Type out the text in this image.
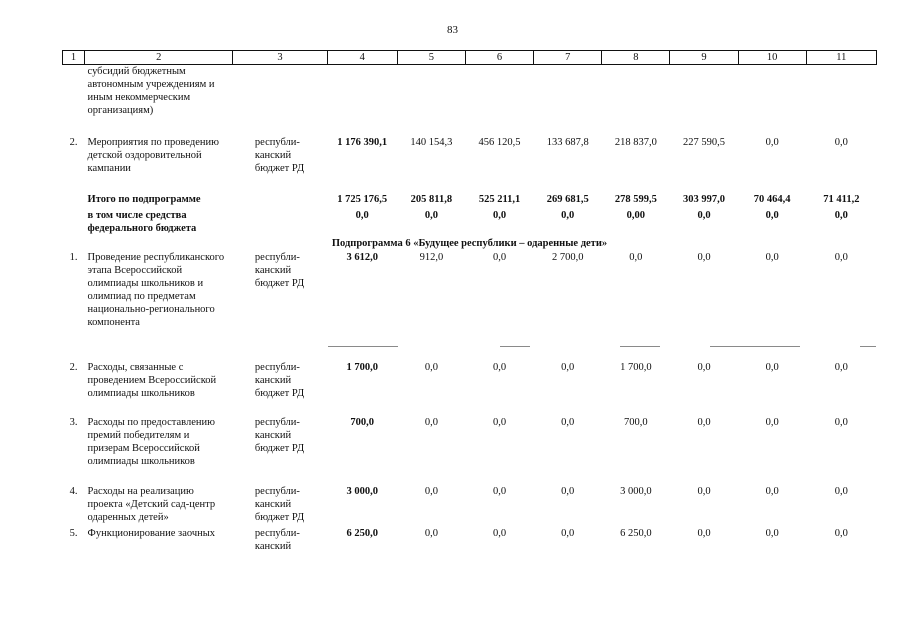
83
1	2	3	4	5	6	7	8	9	10	11
	субсидий бюджетным автономным учреждениям и иным некоммерческим организациям)									
2.	Мероприятия по проведению детской оздоровительной кампании	республи-канский бюджет РД	1 176 390,1	140 154,3	456 120,5	133 687,8	218 837,0	227 590,5	0,0	0,0
	Итого по подпрограмме		1 725 176,5	205 811,8	525 211,1	269 681,5	278 599,5	303 997,0	70 464,4	71 411,2
	в том числе средства федерального бюджета		0,0	0,0	0,0	0,0	0,00	0,0	0,0	0,0
Подпрограмма 6 «Будущее республики – одаренные дети»										
1.	Проведение республиканского этапа Всероссийской олимпиады школьников и олимпиад по предметам национально-регионального компонента	республи-канский бюджет РД	3 612,0	912,0	0,0	2 700,0	0,0	0,0	0,0	0,0
2.	Расходы, связанные с проведением Всероссийской олимпиады школьников	республи-канский бюджет РД	1 700,0	0,0	0,0	0,0	1 700,0	0,0	0,0	0,0
3.	Расходы по предоставлению премий победителям и призерам Всероссийской олимпиады школьников	республи-канский бюджет РД	700,0	0,0	0,0	0,0	700,0	0,0	0,0	0,0
4.	Расходы на реализацию проекта «Детский сад-центр одаренных детей»	республи-канский бюджет РД	3 000,0	0,0	0,0	0,0	3 000,0	0,0	0,0	0,0
5.	Функционирование заочных	республи-канский	6 250,0	0,0	0,0	0,0	6 250,0	0,0	0,0	0,0
